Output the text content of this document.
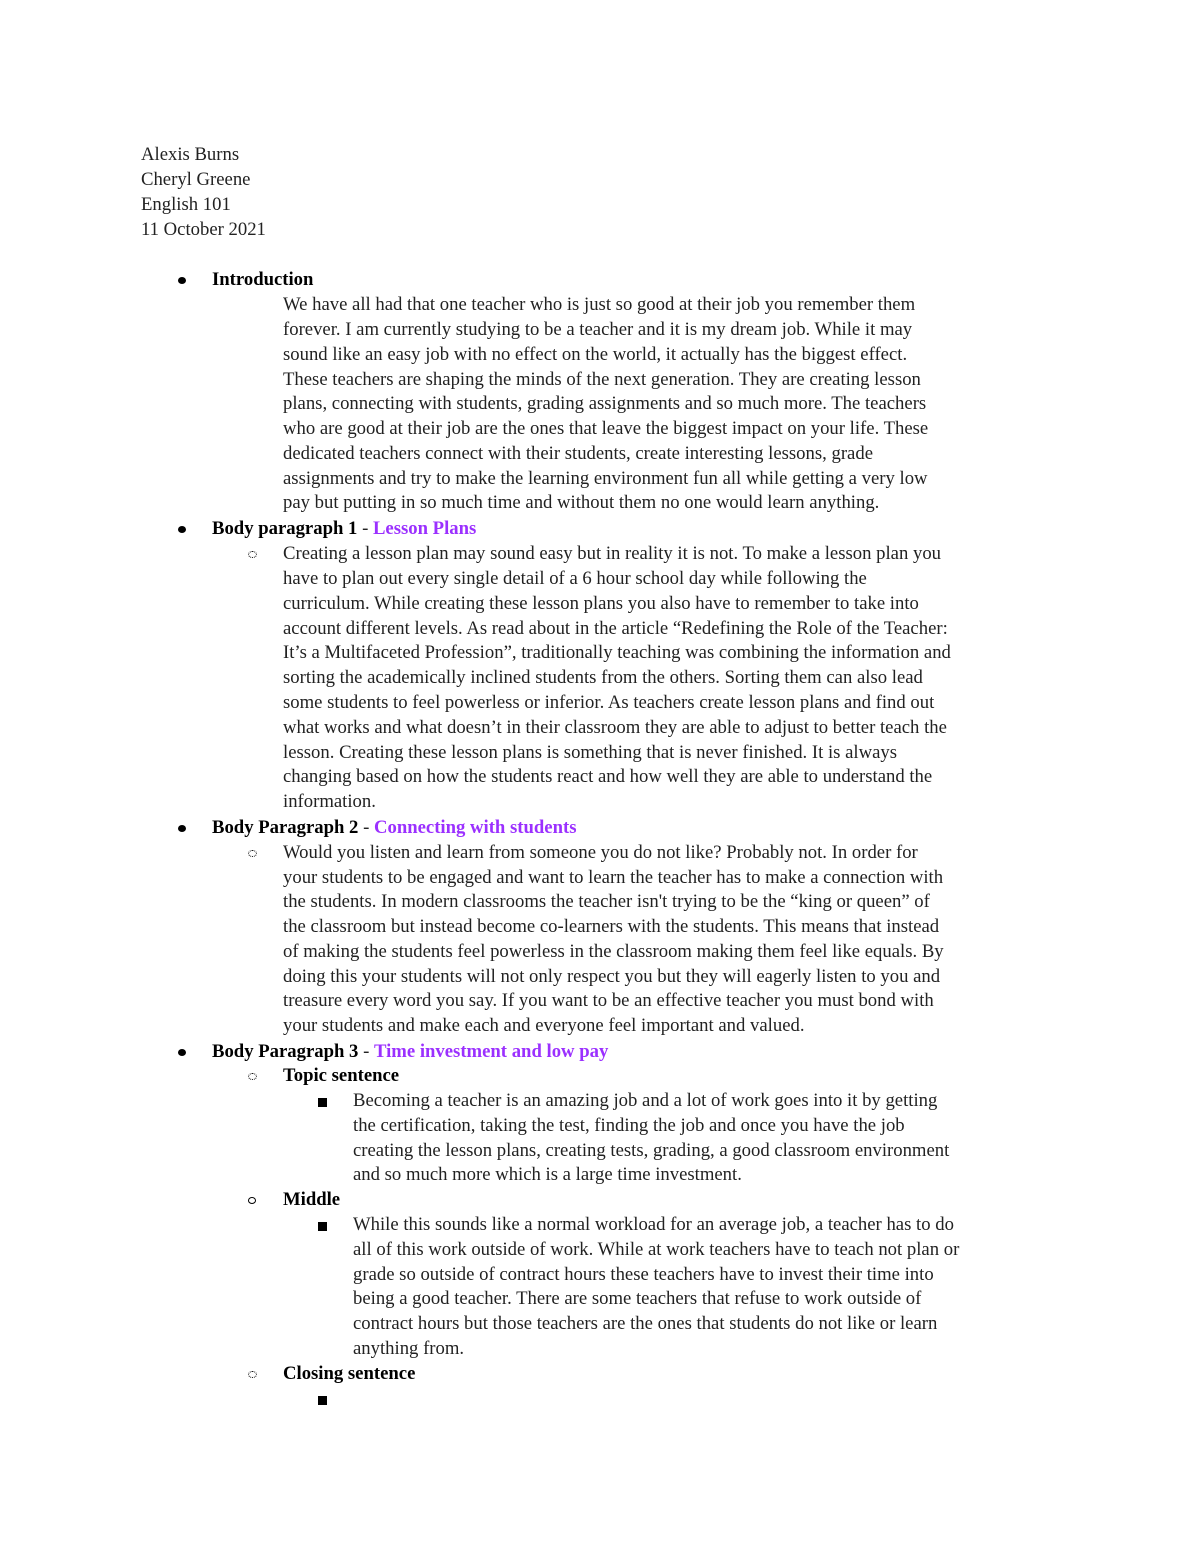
Alexis Burns
Cheryl Greene
English 101
11 October 2021
Introduction
We have all had that one teacher who is just so good at their job you remember them
forever. I am currently studying to be a teacher and it is my dream job. While it may
sound like an easy job with no effect on the world, it actually has the biggest effect.
These teachers are shaping the minds of the next generation. They are creating lesson
plans, connecting with students, grading assignments and so much more. The teachers
who are good at their job are the ones that leave the biggest impact on your life. These
dedicated teachers connect with their students, create interesting lessons, grade
assignments and try to make the learning environment fun all while getting a very low
pay but putting in so much time and without them no one would learn anything.
Body paragraph 1 - Lesson Plans
Creating a lesson plan may sound easy but in reality it is not. To make a lesson plan you
have to plan out every single detail of a 6 hour school day while following the
curriculum. While creating these lesson plans you also have to remember to take into
account different levels. As read about in the article “Redefining the Role of the Teacher:
It’s a Multifaceted Profession”, traditionally teaching was combining the information and
sorting the academically inclined students from the others. Sorting them can also lead
some students to feel powerless or inferior. As teachers create lesson plans and find out
what works and what doesn’t in their classroom they are able to adjust to better teach the
lesson. Creating these lesson plans is something that is never finished. It is always
changing based on how the students react and how well they are able to understand the
information.
Body Paragraph 2 - Connecting with students
Would you listen and learn from someone you do not like? Probably not. In order for
your students to be engaged and want to learn the teacher has to make a connection with
the students. In modern classrooms the teacher isn't trying to be the “king or queen” of
the classroom but instead become co-learners with the students. This means that instead
of making the students feel powerless in the classroom making them feel like equals. By
doing this your students will not only respect you but they will eagerly listen to you and
treasure every word you say. If you want to be an effective teacher you must bond with
your students and make each and everyone feel important and valued.
Body Paragraph 3 - Time investment and low pay
Topic sentence
Becoming a teacher is an amazing job and a lot of work goes into it by getting
the certification, taking the test, finding the job and once you have the job
creating the lesson plans, creating tests, grading, a good classroom environment
and so much more which is a large time investment.
Middle
While this sounds like a normal workload for an average job, a teacher has to do
all of this work outside of work. While at work teachers have to teach not plan or
grade so outside of contract hours these teachers have to invest their time into
being a good teacher. There are some teachers that refuse to work outside of
contract hours but those teachers are the ones that students do not like or learn
anything from.
Closing sentence
